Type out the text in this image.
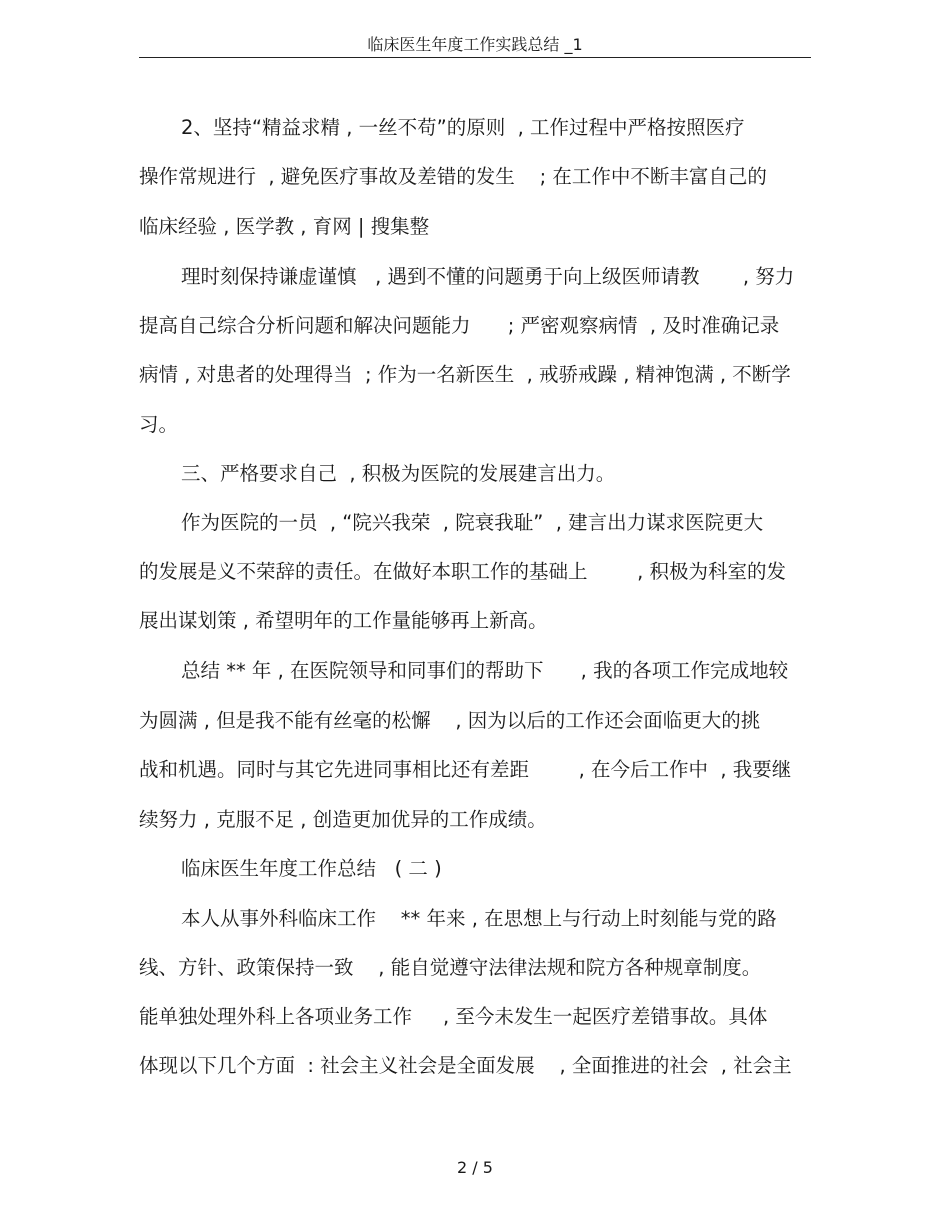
临床医生年度工作实践总结 _1
2、坚持“精益求精 , 一丝不苟”的原则  , 工作过程中严格按照医疗
操作常规进行  , 避免医疗事故及差错的发生    ; 在工作中不断丰富自己的
临床经验 , 医学教 , 育网 | 搜集整
理时刻保持谦虚谨慎   , 遇到不懂的问题勇于向上级医师请教       , 努力
提高自己综合分析问题和解决问题能力      ; 严密观察病情  , 及时准确记录
病情 , 对患者的处理得当  ; 作为一名新医生  , 戒骄戒躁 , 精神饱满 , 不断学
习。
三、严格要求自己  , 积极为医院的发展建言出力。
作为医院的一员  , “院兴我荣  , 院衰我耻”  , 建言出力谋求医院更大
的发展是义不荣辞的责任。在做好本职工作的基础上        , 积极为科室的发
展出谋划策 , 希望明年的工作量能够再上新高。
总结 ** 年 , 在医院领导和同事们的帮助下      , 我的各项工作完成地较
为圆满 , 但是我不能有丝毫的松懈    , 因为以后的工作还会面临更大的挑
战和机遇。同时与其它先进同事相比还有差距        , 在今后工作中  , 我要继
续努力 , 克服不足 , 创造更加优异的工作成绩。
临床医生年度工作总结   ( 二 )
本人从事外科临床工作    ** 年来 , 在思想上与行动上时刻能与党的路
线、方针、政策保持一致    , 能自觉遵守法律法规和院方各种规章制度。
能单独处理外科上各项业务工作     , 至今未发生一起医疗差错事故。具体
体现以下几个方面  : 社会主义社会是全面发展    , 全面推进的社会  , 社会主
2 / 5
